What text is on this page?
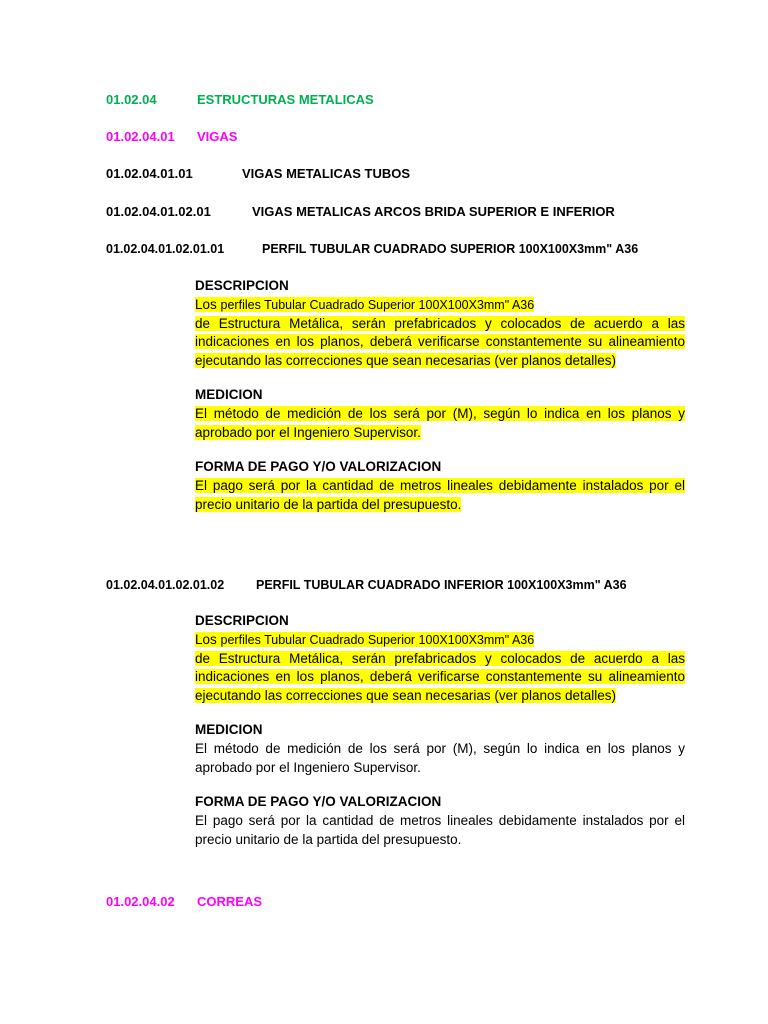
01.02.04	ESTRUCTURAS METALICAS
01.02.04.01 VIGAS
01.02.04.01.01	VIGAS METALICAS TUBOS
01.02.04.01.02.01	VIGAS METALICAS ARCOS BRIDA SUPERIOR E INFERIOR
01.02.04.01.02.01.01	PERFIL TUBULAR CUADRADO SUPERIOR 100X100X3mm" A36
DESCRIPCION
Los perfiles Tubular Cuadrado Superior 100X100X3mm" A36
de Estructura Metálica, serán prefabricados y colocados de acuerdo a las
indicaciones en los planos, deberá verificarse constantemente su alineamiento
ejecutando las correcciones que sean necesarias (ver planos detalles)
MEDICION
El método de medición de los será por (M), según lo indica en los planos y
aprobado por el Ingeniero Supervisor.
FORMA DE PAGO Y/O VALORIZACION
El pago será por la cantidad de metros lineales debidamente instalados por el
precio unitario de la partida del presupuesto.
01.02.04.01.02.01.02	PERFIL TUBULAR CUADRADO INFERIOR 100X100X3mm" A36
DESCRIPCION
Los perfiles Tubular Cuadrado Superior 100X100X3mm" A36
de Estructura Metálica, serán prefabricados y colocados de acuerdo a las
indicaciones en los planos, deberá verificarse constantemente su alineamiento
ejecutando las correcciones que sean necesarias (ver planos detalles)
MEDICION
El método de medición de los será por (M), según lo indica en los planos y
aprobado por el Ingeniero Supervisor.
FORMA DE PAGO Y/O VALORIZACION
El pago será por la cantidad de metros lineales debidamente instalados por el
precio unitario de la partida del presupuesto.
01.02.04.02 CORREAS
